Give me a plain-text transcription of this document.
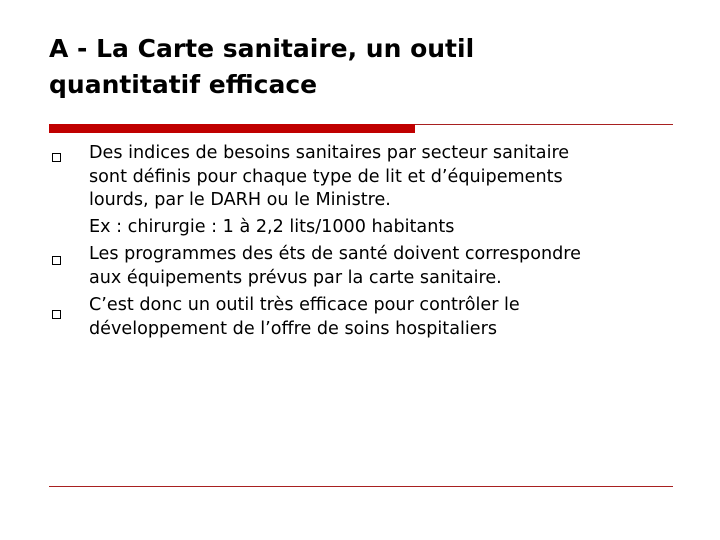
A - La Carte sanitaire, un outil
quantitatif efficace
Des indices de besoins sanitaires par secteur sanitaire
sont définis pour chaque type de lit et d’équipements
lourds, par le DARH ou le Ministre.
Ex : chirurgie : 1 à 2,2 lits/1000 habitants
Les programmes des éts de santé doivent correspondre
aux équipements prévus par la carte sanitaire.
C’est donc un outil très efficace pour contrôler le
développement de l’offre de soins hospitaliers
